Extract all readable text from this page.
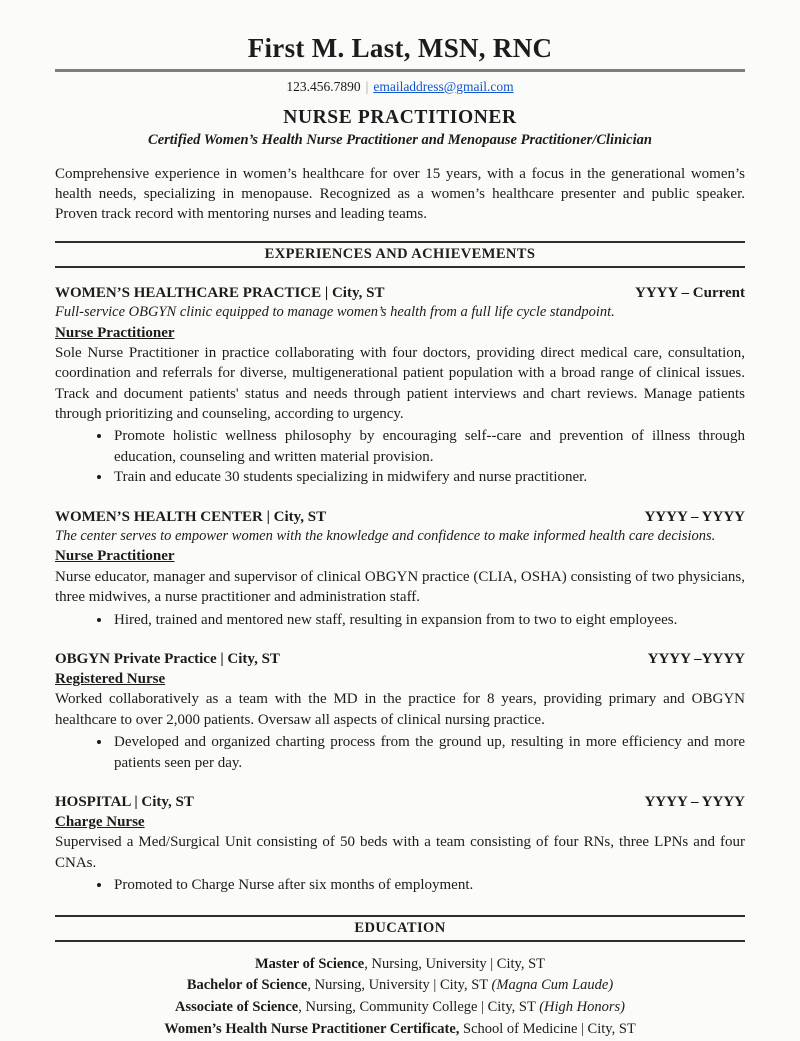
First M. Last, MSN, RNC
123.456.7890 | emailaddress@gmail.com
NURSE PRACTITIONER
Certified Women’s Health Nurse Practitioner and Menopause Practitioner/Clinician

Comprehensive experience in women’s healthcare for over 15 years, with a focus in the generational women’s health needs, specializing in menopause. Recognized as a women’s healthcare presenter and public speaker. Proven track record with mentoring nurses and leading teams.

EXPERIENCES AND ACHIEVEMENTS
WOMEN’S HEALTHCARE PRACTICE | City, ST	YYYY – Current
Full-service OBGYN clinic equipped to manage women’s health from a full life cycle standpoint.
Nurse Practitioner

Sole Nurse Practitioner in practice collaborating with four doctors, providing direct medical care, consultation, coordination and referrals for diverse, multigenerational patient population with a broad range of clinical issues. Track and document patients' status and needs through patient interviews and chart reviews. Manage patients through prioritizing and counseling, according to urgency.

• Promote holistic wellness philosophy by encouraging self--care and prevention of illness through education, counseling and written material provision.
• Train and educate 30 students specializing in midwifery and nurse practitioner.
WOMEN’S HEALTH CENTER | City, ST	YYYY – YYYY
The center serves to empower women with the knowledge and confidence to make informed health care decisions.
Nurse Practitioner

Nurse educator, manager and supervisor of clinical OBGYN practice (CLIA, OSHA) consisting of two physicians, three midwives, a nurse practitioner and administration staff.

• Hired, trained and mentored new staff, resulting in expansion from to two to eight employees.
OBGYN Private Practice | City, ST	YYYY –YYYY
Registered Nurse

Worked collaboratively as a team with the MD in the practice for 8 years, providing primary and OBGYN healthcare to over 2,000 patients. Oversaw all aspects of clinical nursing practice.

• Developed and organized charting process from the ground up, resulting in more efficiency and more patients seen per day.
HOSPITAL | City, ST	YYYY – YYYY
Charge Nurse

Supervised a Med/Surgical Unit consisting of 50 beds with a team consisting of four RNs, three LPNs and four CNAs.

• Promoted to Charge Nurse after six months of employment.
EDUCATION
Master of Science, Nursing, University | City, ST
Bachelor of Science, Nursing, University | City, ST (Magna Cum Laude)
Associate of Science, Nursing, Community College | City, ST (High Honors)
Women’s Health Nurse Practitioner Certificate, School of Medicine | City, ST
